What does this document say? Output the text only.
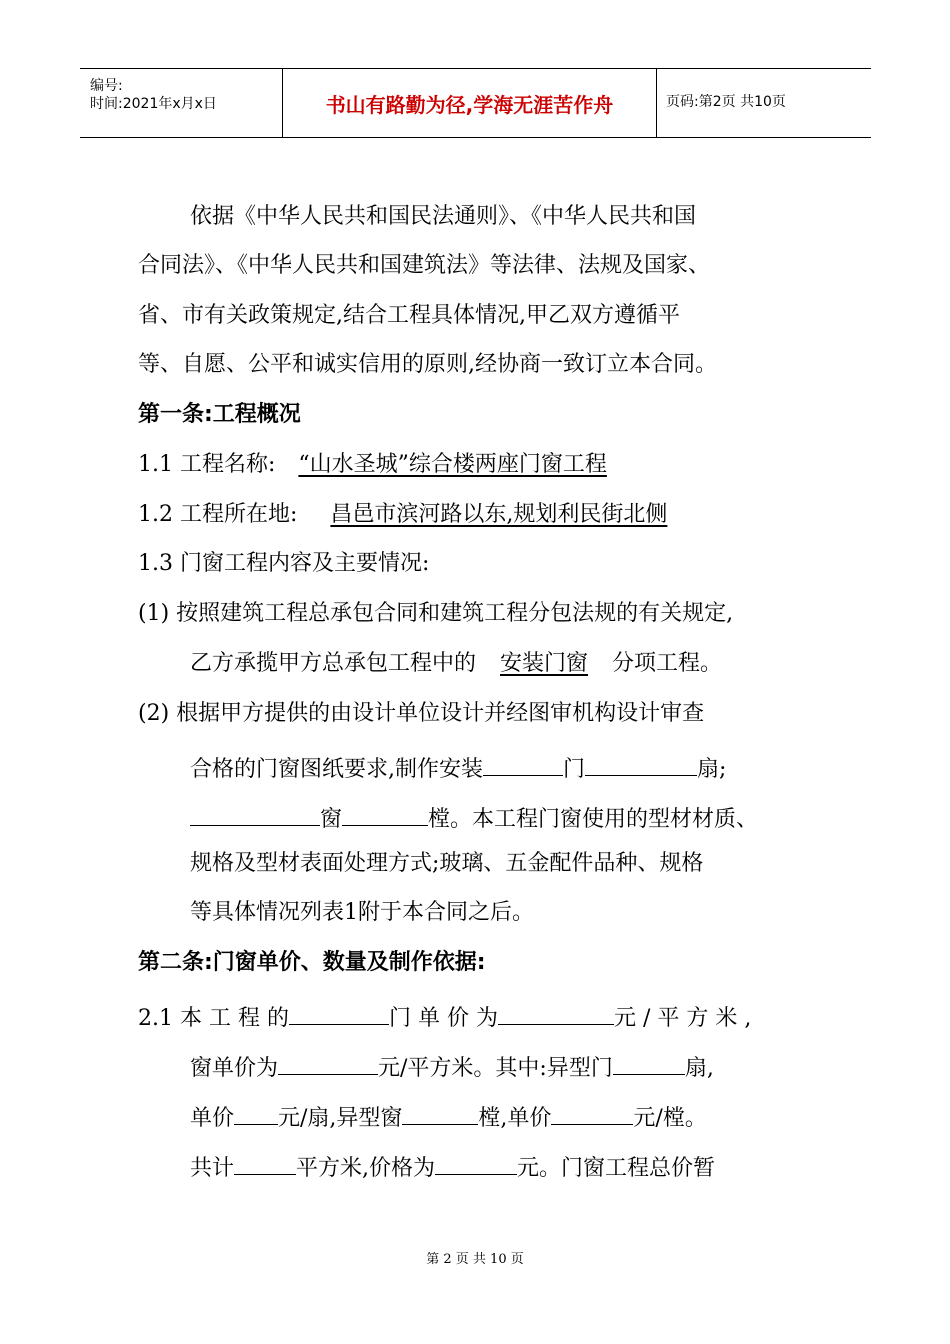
编号:
时间:2021年x月x日	书山有路勤为径,学海无涯苦作舟	页码:第2页 共10页
依据《中华人民共和国民法通则》、《中华人民共和国
合同法》、《中华人民共和国建筑法》等法律、法规及国家、
省、市有关政策规定,结合工程具体情况,甲乙双方遵循平
等、自愿、公平和诚实信用的原则,经协商一致订立本合同。
第一条:工程概况
1.1 工程名称: “山水圣城”综合楼两座门窗工程
1.2 工程所在地: 昌邑市滨河路以东,规划利民街北侧
1.3 门窗工程内容及主要情况:
(1) 按照建筑工程总承包合同和建筑工程分包法规的有关规定,
乙方承揽甲方总承包工程中的 安装门窗 分项工程。
(2) 根据甲方提供的由设计单位设计并经图审机构设计审查
合格的门窗图纸要求,制作安装	门	扇;
窗	樘。本工程门窗使用的型材材质、
规格及型材表面处理方式;玻璃、五金配件品种、规格
等具体情况列表1附于本合同之后。
第二条:门窗单价、数量及制作依据:
2.1 本 工 程 的	门 单 价 为	元 / 平 方 米 ,
窗单价为	元/平方米。其中:异型门	扇,
单价 元/扇,异型窗	樘,单价	元/樘。
共计	平方米,价格为	元。门窗工程总价暂
第 2 页 共 10 页
